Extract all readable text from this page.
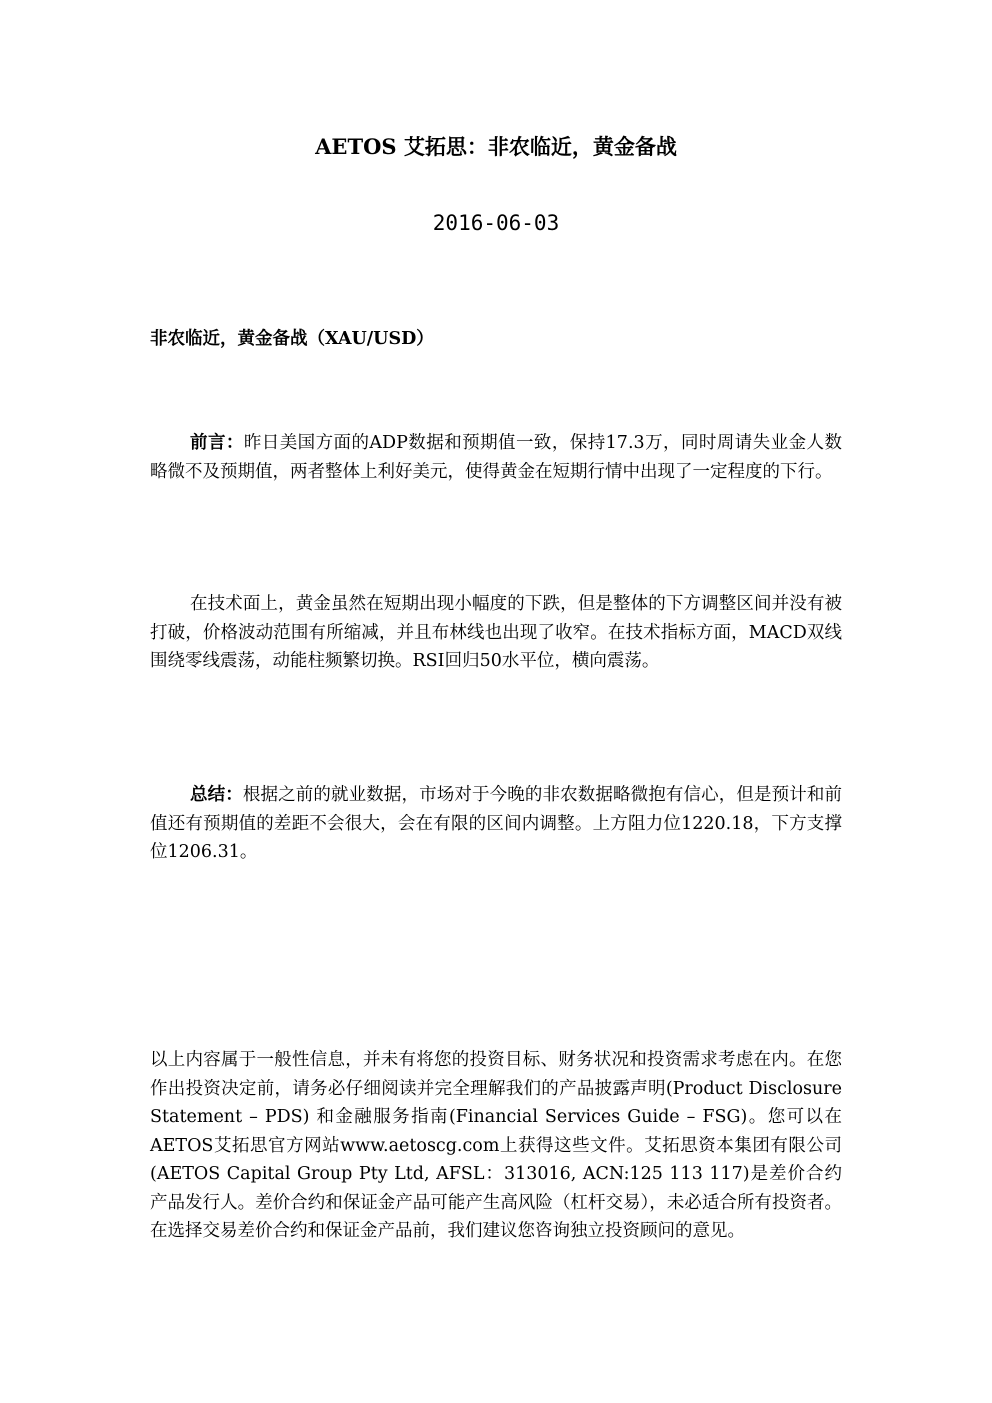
AETOS 艾拓思：非农临近，黄金备战
2016-06-03
非农临近，黄金备战（XAU/USD）
前言：昨日美国方面的ADP数据和预期值一致，保持17.3万，同时周请失业金人数略微不及预期值，两者整体上利好美元，使得黄金在短期行情中出现了一定程度的下行。
在技术面上，黄金虽然在短期出现小幅度的下跌，但是整体的下方调整区间并没有被打破，价格波动范围有所缩减，并且布林线也出现了收窄。在技术指标方面，MACD双线围绕零线震荡，动能柱频繁切换。RSI回归50水平位，横向震荡。
总结：根据之前的就业数据，市场对于今晚的非农数据略微抱有信心，但是预计和前值还有预期值的差距不会很大，会在有限的区间内调整。上方阻力位1220.18，下方支撑位1206.31。
以上内容属于一般性信息，并未有将您的投资目标、财务状况和投资需求考虑在内。在您作出投资决定前，请务必仔细阅读并完全理解我们的产品披露声明(Product Disclosure Statement – PDS) 和金融服务指南(Financial Services Guide – FSG)。您可以在AETOS艾拓思官方网站www.aetoscg.com上获得这些文件。艾拓思资本集团有限公司(AETOS Capital Group Pty Ltd, AFSL：313016, ACN:125 113 117)是差价合约产品发行人。差价合约和保证金产品可能产生高风险（杠杆交易），未必适合所有投资者。在选择交易差价合约和保证金产品前，我们建议您咨询独立投资顾问的意见。
